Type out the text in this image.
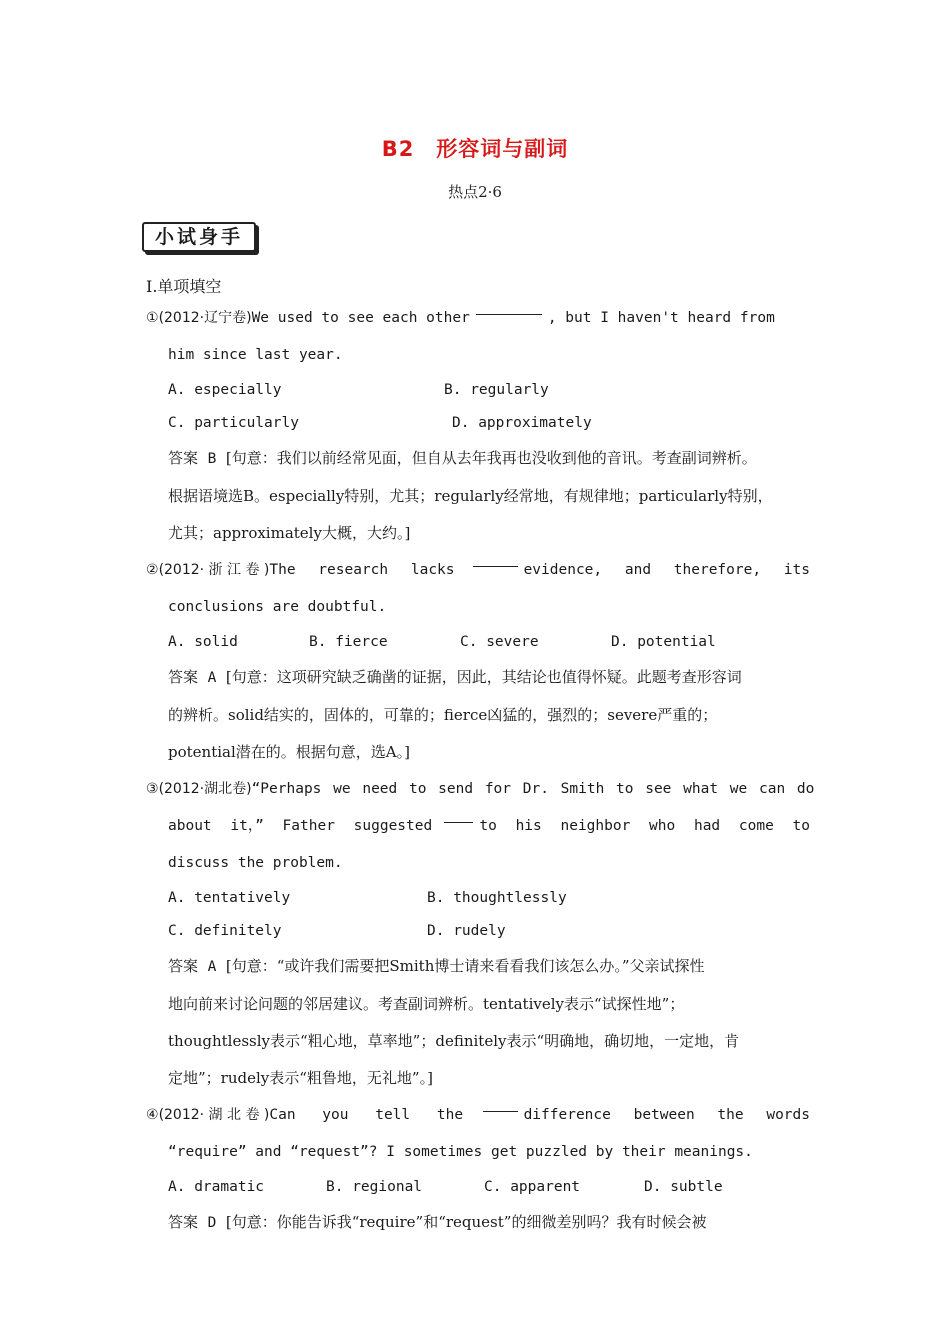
B2　形容词与副词
热点2·6
小试身手
Ⅰ.单项填空
① (2012·辽宁卷) We used to see each other	, but I haven't heard from
him since last year.
A. especially	B. regularly
C. particularly	D. approximately
答案 B [句意：我们以前经常见面，但自从去年我再也没收到他的音讯。考查副词辨析。
根据语境选B。especially特别，尤其；regularly经常地，有规律地；particularly特别，
尤其；approximately大概，大约。]
② (2012· 浙 江 卷 ) The research lacks	evidence, and therefore, its
conclusions are doubtful.
A. solid	B. fierce	C. severe	D. potential
答案 A [句意：这项研究缺乏确凿的证据，因此，其结论也值得怀疑。此题考查形容词
的辨析。solid结实的，固体的，可靠的；fierce凶猛的，强烈的；severe严重的；
potential潜在的。根据句意，选A。]
③ (2012·湖北卷) “Perhaps we need to send for Dr. Smith to see what we can do
about it，” Father suggested	to his neighbor who had come to
discuss the problem.
A. tentatively	B. thoughtlessly
C. definitely	D. rudely
答案 A [句意：“或许我们需要把Smith博士请来看看我们该怎么办。”父亲试探性
地向前来讨论问题的邻居建议。考查副词辨析。tentatively表示“试探性地”；
thoughtlessly表示“粗心地，草率地”；definitely表示“明确地，确切地，一定地，肯
定地”；rudely表示“粗鲁地，无礼地”。]
④ (2012· 湖 北 卷 ) Can you tell the	difference between the words
“require” and “request”? I sometimes get puzzled by their meanings.
A. dramatic	B. regional	C. apparent	D. subtle
答案 D [句意：你能告诉我“require”和“request”的细微差别吗？我有时候会被
